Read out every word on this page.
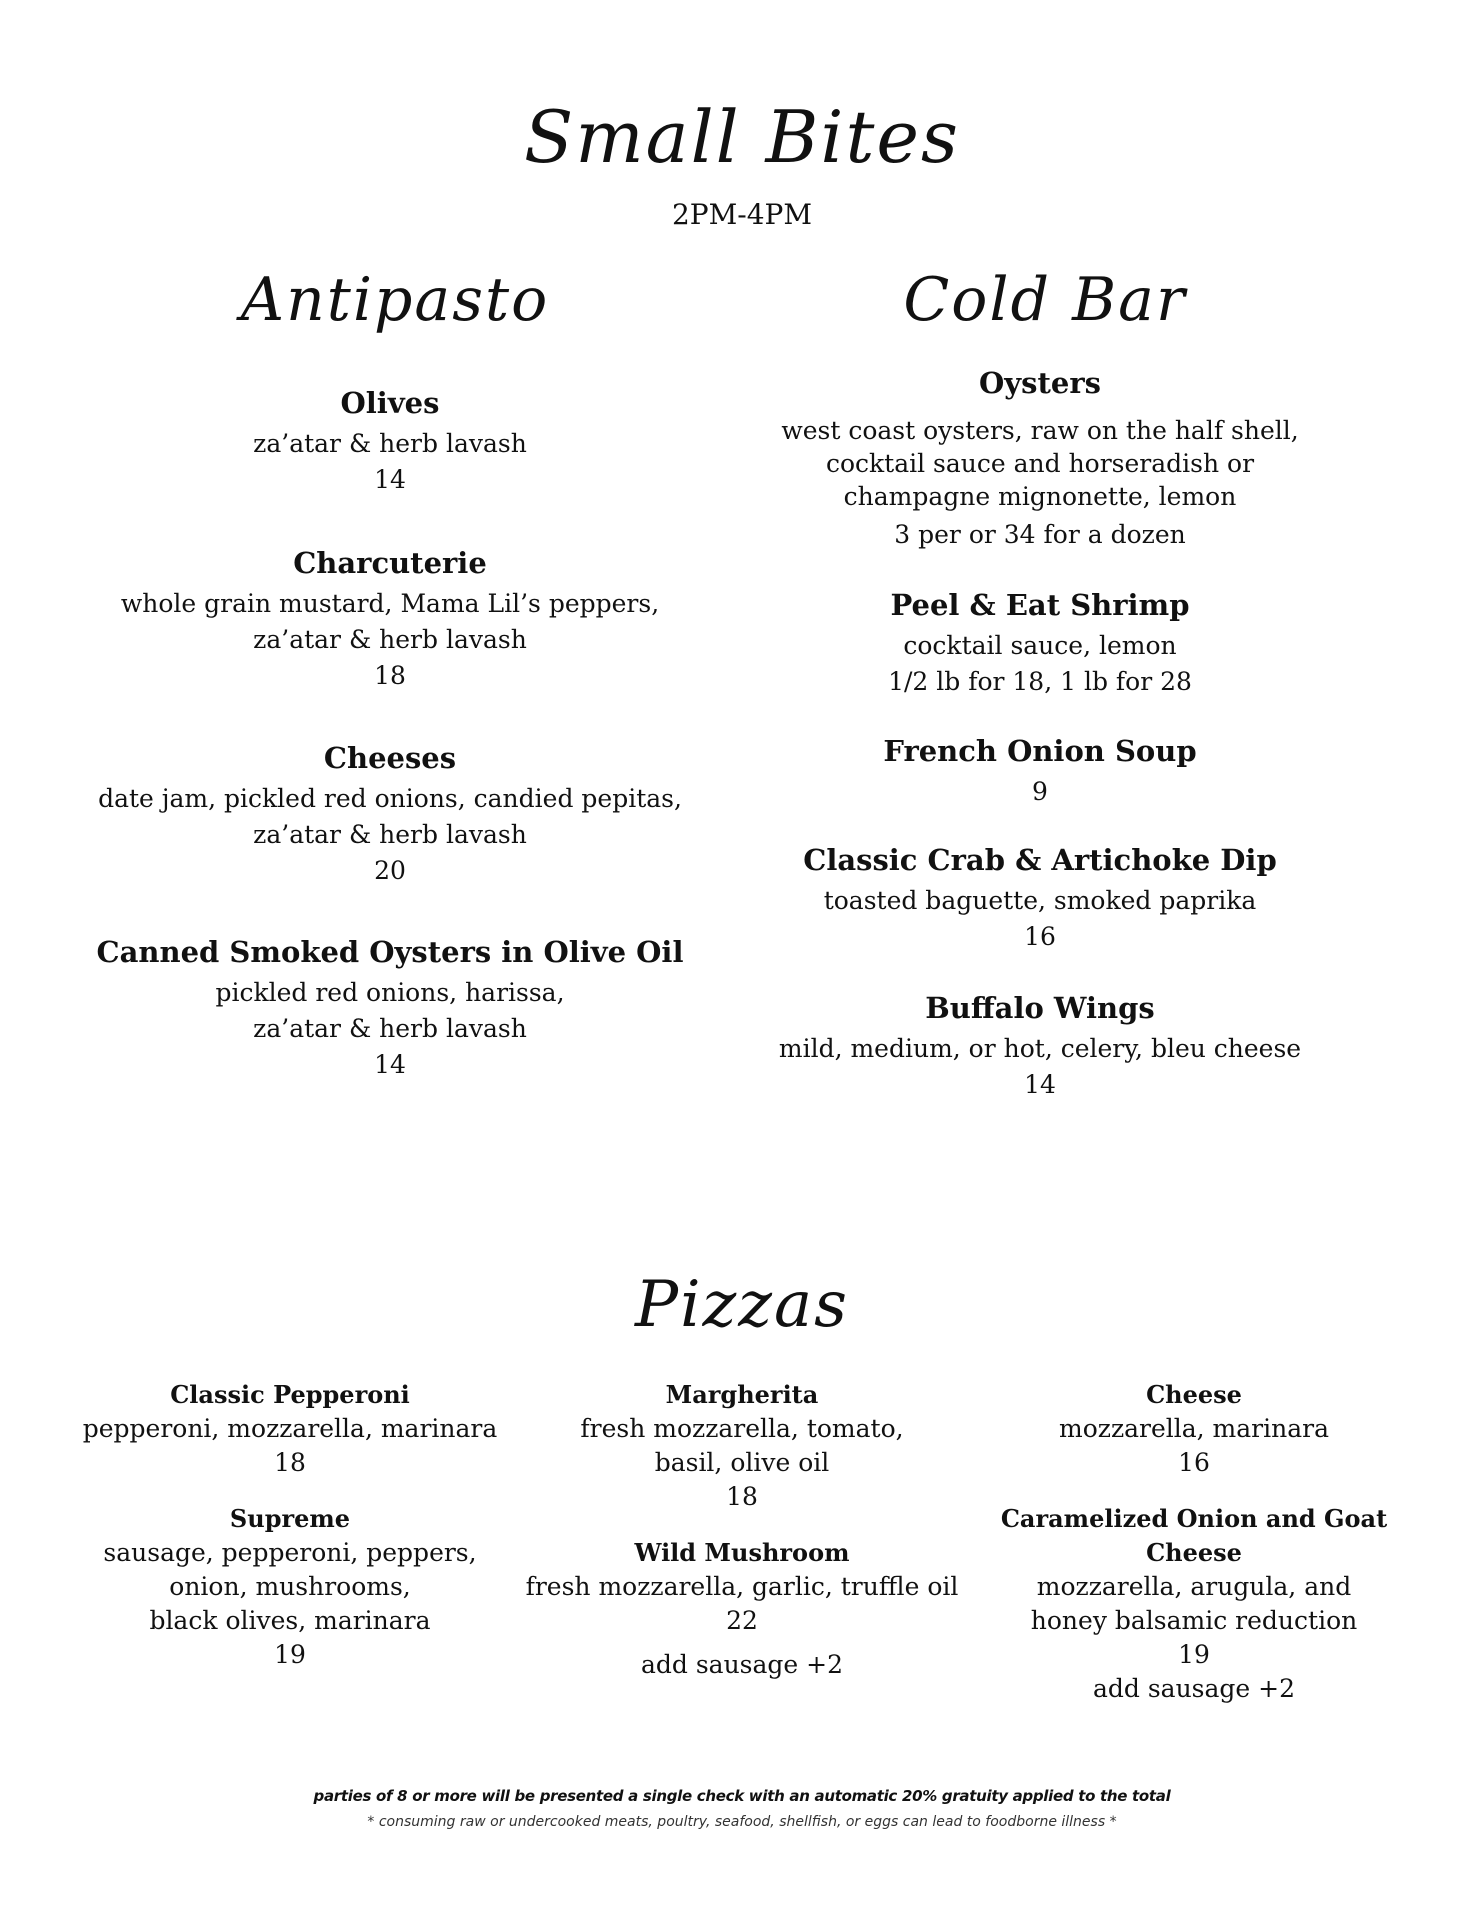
Small Bites
2PM-4PM
Antipasto	Cold Bar
Olives
za’atar & herb lavash
14
Charcuterie
whole grain mustard, Mama Lil’s peppers,
za’atar & herb lavash
18
Cheeses
date jam, pickled red onions, candied pepitas,
za’atar & herb lavash
20
Canned Smoked Oysters in Olive Oil
pickled red onions, harissa,
za’atar & herb lavash
14
Oysters
west coast oysters, raw on the half shell,
cocktail sauce and horseradish or
champagne mignonette, lemon
3 per or 34 for a dozen
Peel & Eat Shrimp
cocktail sauce, lemon
1/2 lb for 18, 1 lb for 28
French Onion Soup
9
Classic Crab & Artichoke Dip
toasted baguette, smoked paprika
16
Buffalo Wings
mild, medium, or hot, celery, bleu cheese
14
Pizzas
Classic Pepperoni
pepperoni, mozzarella, marinara
18
Supreme
sausage, pepperoni, peppers,
onion, mushrooms,
black olives, marinara
19
Margherita
fresh mozzarella, tomato,
basil, olive oil
18
Wild Mushroom
fresh mozzarella, garlic, truffle oil
22
add sausage +2
Cheese
mozzarella, marinara
16
Caramelized Onion and Goat
Cheese
mozzarella, arugula, and
honey balsamic reduction
19
add sausage +2
parties of 8 or more will be presented a single check with an automatic 20% gratuity applied to the total
* consuming raw or undercooked meats, poultry, seafood, shellfish, or eggs can lead to foodborne illness *
